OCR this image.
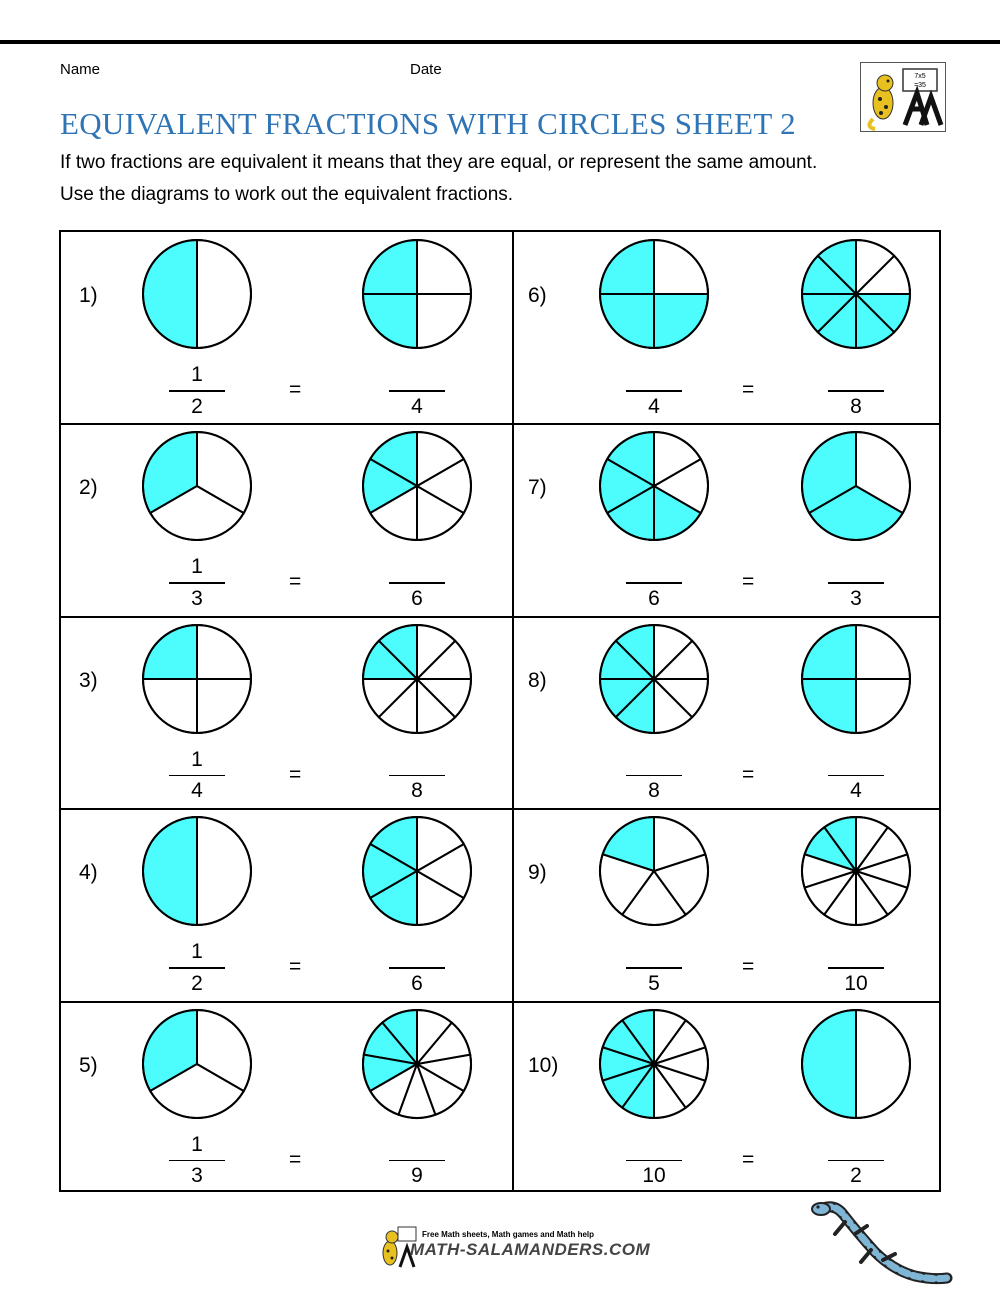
Name	Date	7x5
=35
EQUIVALENT FRACTIONS WITH CIRCLES SHEET 2
If two fractions are equivalent it means that they are equal, or represent the same amount.
Use the diagrams to work out the equivalent fractions.
1)
1
2
=
4
2)
1
3
=
6
3)
1
4
=
8
4)
1
2
=
6
5)
1
3
=
9
6)
4
=
8
7)
6
=
3
8)
8
=
4
9)
5
=
10
10)
10
=
2
Free Math sheets, Math games and Math help
MATH-SALAMANDERS.COM
